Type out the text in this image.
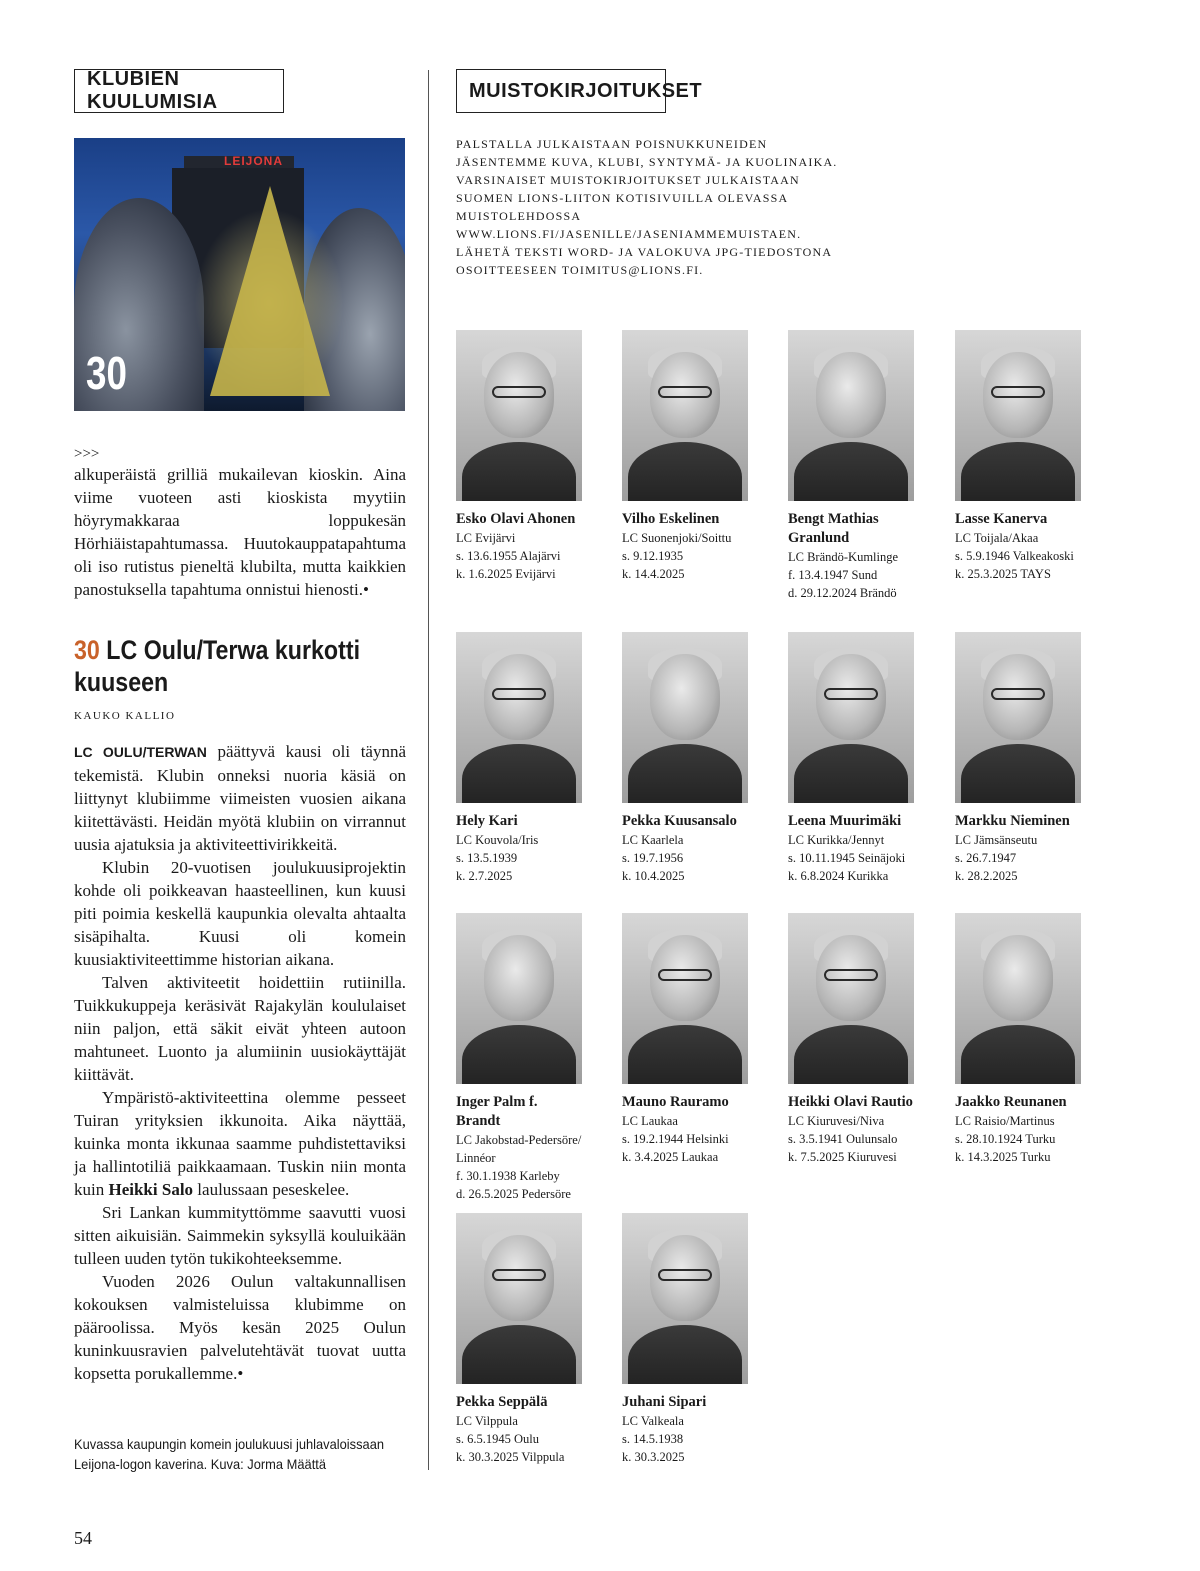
KLUBIEN KUULUMISIA
MUISTOKIRJOITUKSET
LEIJONA
30
>>>

alkuperäistä grilliä mukailevan kioskin. Aina viime vuoteen asti kioskista myytiin höyrymakkaraa loppukesän Hörhiäistapahtumassa. Huutokauppatapahtuma oli iso rutistus pieneltä klubilta, mutta kaikkien panostuksella tapahtuma onnistui hienosti.•

30 LC Oulu/Terwa kurkotti kuuseen
KAUKO KALLIO

LC OULU/TERWAN päättyvä kausi oli täynnä tekemistä. Klubin onneksi nuoria käsiä on liittynyt klubiimme viimeisten vuosien aikana kiitettävästi. Heidän myötä klubiin on virrannut uusia ajatuksia ja aktiviteettivirikkeitä.

Klubin 20-vuotisen joulukuusiprojektin kohde oli poikkeavan haasteellinen, kun kuusi piti poimia keskellä kaupunkia olevalta ahtaalta sisäpihalta. Kuusi oli komein kuusiaktiviteettimme historian aikana.

Talven aktiviteetit hoidettiin rutiinilla. Tuikkukuppeja keräsivät Rajakylän koululaiset niin paljon, että säkit eivät yhteen autoon mahtuneet. Luonto ja alumiinin uusiokäyttäjät kiittävät.

Ympäristö-aktiviteettina olemme pesseet Tuiran yrityksien ikkunoita. Aika näyttää, kuinka monta ikkunaa saamme puhdistettaviksi ja hallintotiliä paikkaamaan. Tuskin niin monta kuin Heikki Salo laulussaan peseskelee.

Sri Lankan kummityttömme saavutti vuosi sitten aikuisiän. Saimmekin syksyllä kouluikään tulleen uuden tytön tukikohteeksemme.

Vuoden 2026 Oulun valtakunnallisen kokouksen valmisteluissa klubimme on pääroolissa. Myös kesän 2025 Oulun kuninkuusravien palvelutehtävät tuovat uutta kopsetta porukallemme.•

Kuvassa kaupungin komein joulukuusi juhlavaloissaan Leijona-logon kaverina. Kuva: Jorma Määttä
54
PALSTALLA JULKAISTAAN POISNUKKUNEIDEN JÄSENTEMME KUVA, KLUBI, SYNTYMÄ- JA KUOLINAIKA. VARSINAISET MUISTOKIRJOITUKSET JULKAISTAAN SUOMEN LIONS-LIITON KOTISIVUILLA OLEVASSA MUISTOLEHDOSSA WWW.LIONS.FI/JASENILLE/JASENIAMMEMUISTAEN. LÄHETÄ TEKSTI WORD- JA VALOKUVA JPG-TIEDOSTONA OSOITTEESEEN TOIMITUS@LIONS.FI.
Esko Olavi Ahonen
LC Evijärvi
s. 13.6.1955 Alajärvi
k. 1.6.2025 Evijärvi
Vilho Eskelinen
LC Suonenjoki/Soittu
s. 9.12.1935
k. 14.4.2025
Bengt Mathias Granlund
LC Brändö-Kumlinge
f. 13.4.1947 Sund
d. 29.12.2024 Brändö
Lasse Kanerva
LC Toijala/Akaa
s. 5.9.1946 Valkeakoski
k. 25.3.2025 TAYS
Hely Kari
LC Kouvola/Iris
s. 13.5.1939
k. 2.7.2025
Pekka Kuusansalo
LC Kaarlela
s. 19.7.1956
k. 10.4.2025
Leena Muurimäki
LC Kurikka/Jennyt
s. 10.11.1945 Seinäjoki
k. 6.8.2024 Kurikka
Markku Nieminen
LC Jämsänseutu
s. 26.7.1947
k. 28.2.2025
Inger Palm f. Brandt
LC Jakobstad-Pedersöre/
Linnéor
f. 30.1.1938 Karleby
d. 26.5.2025 Pedersöre
Mauno Rauramo
LC Laukaa
s. 19.2.1944 Helsinki
k. 3.4.2025 Laukaa
Heikki Olavi Rautio
LC Kiuruvesi/Niva
s. 3.5.1941 Oulunsalo
k. 7.5.2025 Kiuruvesi
Jaakko Reunanen
LC Raisio/Martinus
s. 28.10.1924 Turku
k. 14.3.2025 Turku
Pekka Seppälä
LC Vilppula
s. 6.5.1945 Oulu
k. 30.3.2025 Vilppula
Juhani Sipari
LC Valkeala
s. 14.5.1938
k. 30.3.2025
